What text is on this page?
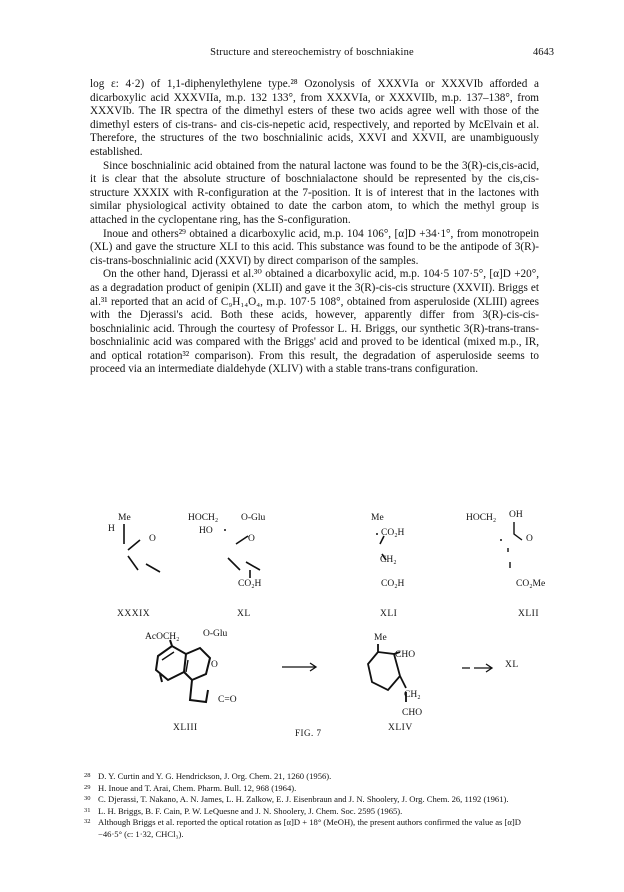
Structure and stereochemistry of boschniakine	4643

log ε: 4·2) of 1,1-diphenylethylene type.²⁸ Ozonolysis of XXXVIa or XXXVIb afforded a dicarboxylic acid XXXVIIa, m.p. 132 133°, from XXXVIa, or XXXVIIb, m.p. 137–138°, from XXXVIb. The IR spectra of the dimethyl esters of these two acids agree well with those of the dimethyl esters of cis-trans- and cis-cis-nepetic acid, respectively, and reported by McElvain et al. Therefore, the structures of the two boschnialinic acids, XXVI and XXVII, are unambiguously established.

Since boschnialinic acid obtained from the natural lactone was found to be the 3(R)-cis,cis-acid, it is clear that the absolute structure of boschnialactone should be represented by the cis,cis-structure XXXIX with R-configuration at the 7-position. It is of interest that in the lactones with similar physiological activity obtained to date the carbon atom, to which the methyl group is attached in the cyclopentane ring, has the S-configuration.

Inoue and others²⁹ obtained a dicarboxylic acid, m.p. 104 106°, [α]D +34·1°, from monotropein (XL) and gave the structure XLI to this acid. This substance was found to be the antipode of 3(R)-cis-trans-boschnialinic acid (XXVI) by direct comparison of the samples.

On the other hand, Djerassi et al.³⁰ obtained a dicarboxylic acid, m.p. 104·5 107·5°, [α]D +20°, as a degradation product of genipin (XLII) and gave it the 3(R)-cis-cis structure (XXVII). Briggs et al.³¹ reported that an acid of C₉H₁₄O₄, m.p. 107·5 108°, obtained from asperuloside (XLIII) agrees with the Djerassi's acid. Both these acids, however, apparently differ from 3(R)-cis-cis-boschnialinic acid. Through the courtesy of Professor L. H. Briggs, our synthetic 3(R)-trans-trans-boschnialinic acid was compared with the Briggs' acid and proved to be identical (mixed m.p., IR, and optical rotation³² comparison). From this result, the degradation of asperuloside seems to proceed via an intermediate dialdehyde (XLIV) with a stable trans-trans configuration.

Me
H
O
HOCH₂ O-Glu
HO
O
CO₂H
Me
CO₂H
CH₂
CO₂H
HOCH₂ OH
O
CO₂Me
XXXIX	XL	XLI	XLII
AcOCH₂ O-Glu
O
C=O
Me
CHO
CH₂
CHO
XL
XLIII	XLIV
FIG. 7
28 D. Y. Curtin and Y. G. Hendrickson, J. Org. Chem. 21, 1260 (1956).
29 H. Inoue and T. Arai, Chem. Pharm. Bull. 12, 968 (1964).
30 C. Djerassi, T. Nakano, A. N. James, L. H. Zalkow, E. J. Eisenbraun and J. N. Shoolery, J. Org. Chem. 26, 1192 (1961).
31 L. H. Briggs, B. F. Cain, P. W. LeQuesne and J. N. Shoolery, J. Chem. Soc. 2595 (1965).
32 Although Briggs et al. reported the optical rotation as [α]D + 18° (MeOH), the present authors confirmed the value as [α]D −46·5° (c: 1·32, CHCl₃).
